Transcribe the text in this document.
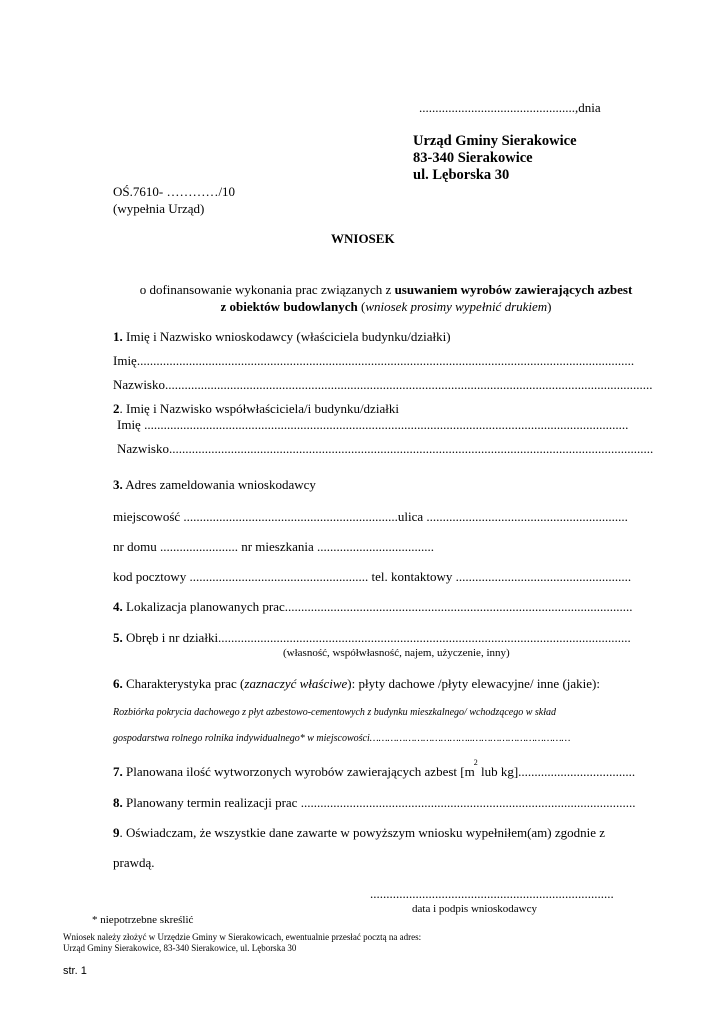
................................................,dnia
Urząd Gminy Sierakowice
83-340 Sierakowice
ul. Lęborska 30
OŚ.7610- …………/10
(wypełnia Urząd)
WNIOSEK
o dofinansowanie wykonania prac związanych z usuwaniem wyrobów zawierających azbest
z obiektów budowlanych (wniosek prosimy wypełnić drukiem)
1. Imię i Nazwisko wnioskodawcy (właściciela budynku/działki)
Imię.........................................................................................................................................................
Nazwisko......................................................................................................................................................
2. Imię i Nazwisko współwłaściciela/i budynku/działki
Imię .....................................................................................................................................................
Nazwisko.....................................................................................................................................................
3. Adres zameldowania wnioskodawcy
miejscowość ..................................................................ulica ..............................................................
nr domu ........................ nr mieszkania ....................................
kod pocztowy ....................................................... tel. kontaktowy ......................................................
4. Lokalizacja planowanych prac...........................................................................................................
5. Obręb i nr działki...............................................................................................................................
(własność, współwłasność, najem, użyczenie, inny)
6. Charakterystyka prac (zaznaczyć właściwe): płyty dachowe /płyty elewacyjne/ inne (jakie):
Rozbiórka pokrycia dachowego z płyt azbestowo-cementowych z budynku mieszkalnego/ wchodzącego w skład
gospodarstwa rolnego rolnika indywidualnego* w miejscowości……………………………..……………………………
7. Planowana ilość wytworzonych wyrobów zawierających azbest [$m^2$ lub kg]....................................
8. Planowany termin realizacji prac .......................................................................................................
9. Oświadczam, że wszystkie dane zawarte w powyższym wniosku wypełniłem(am) zgodnie z
prawdą.
...........................................................................
data i podpis wnioskodawcy
* niepotrzebne skreślić
Wniosek należy złożyć w Urzędzie Gminy w Sierakowicach, ewentualnie przesłać pocztą na adres:
Urząd Gminy Sierakowice, 83-340 Sierakowice, ul. Lęborska 30
str. 1
